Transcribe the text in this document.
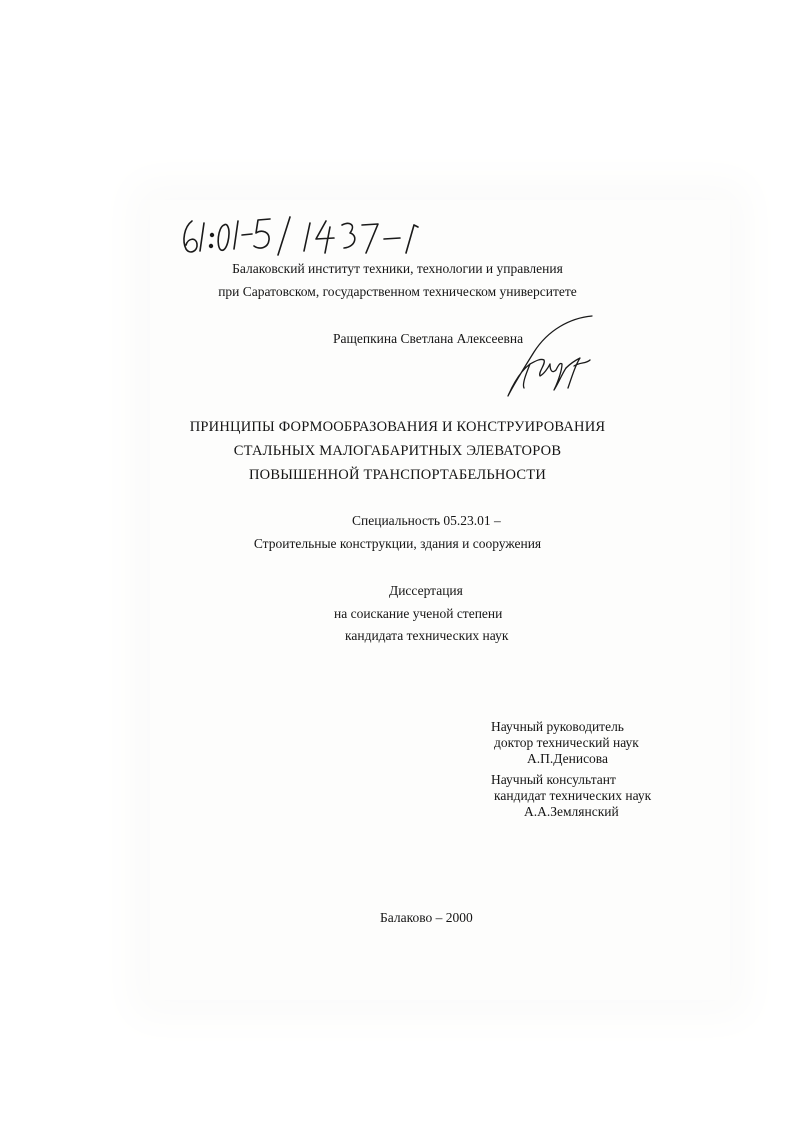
Балаковский институт техники, технологии и управления
при Саратовском, государственном техническом университете
Ращепкина Светлана Алексеевна
ПРИНЦИПЫ ФОРМООБРАЗОВАНИЯ И КОНСТРУИРОВАНИЯ
СТАЛЬНЫХ МАЛОГАБАРИТНЫХ ЭЛЕВАТОРОВ
ПОВЫШЕННОЙ ТРАНСПОРТАБЕЛЬНОСТИ
Специальность 05.23.01 –
Строительные конструкции, здания и сооружения
Диссертация
на соискание ученой степени
кандидата технических наук
Научный руководитель
доктор технический наук
А.П.Денисова
Научный консультант
кандидат технических наук
А.А.Землянский
Балаково – 2000
